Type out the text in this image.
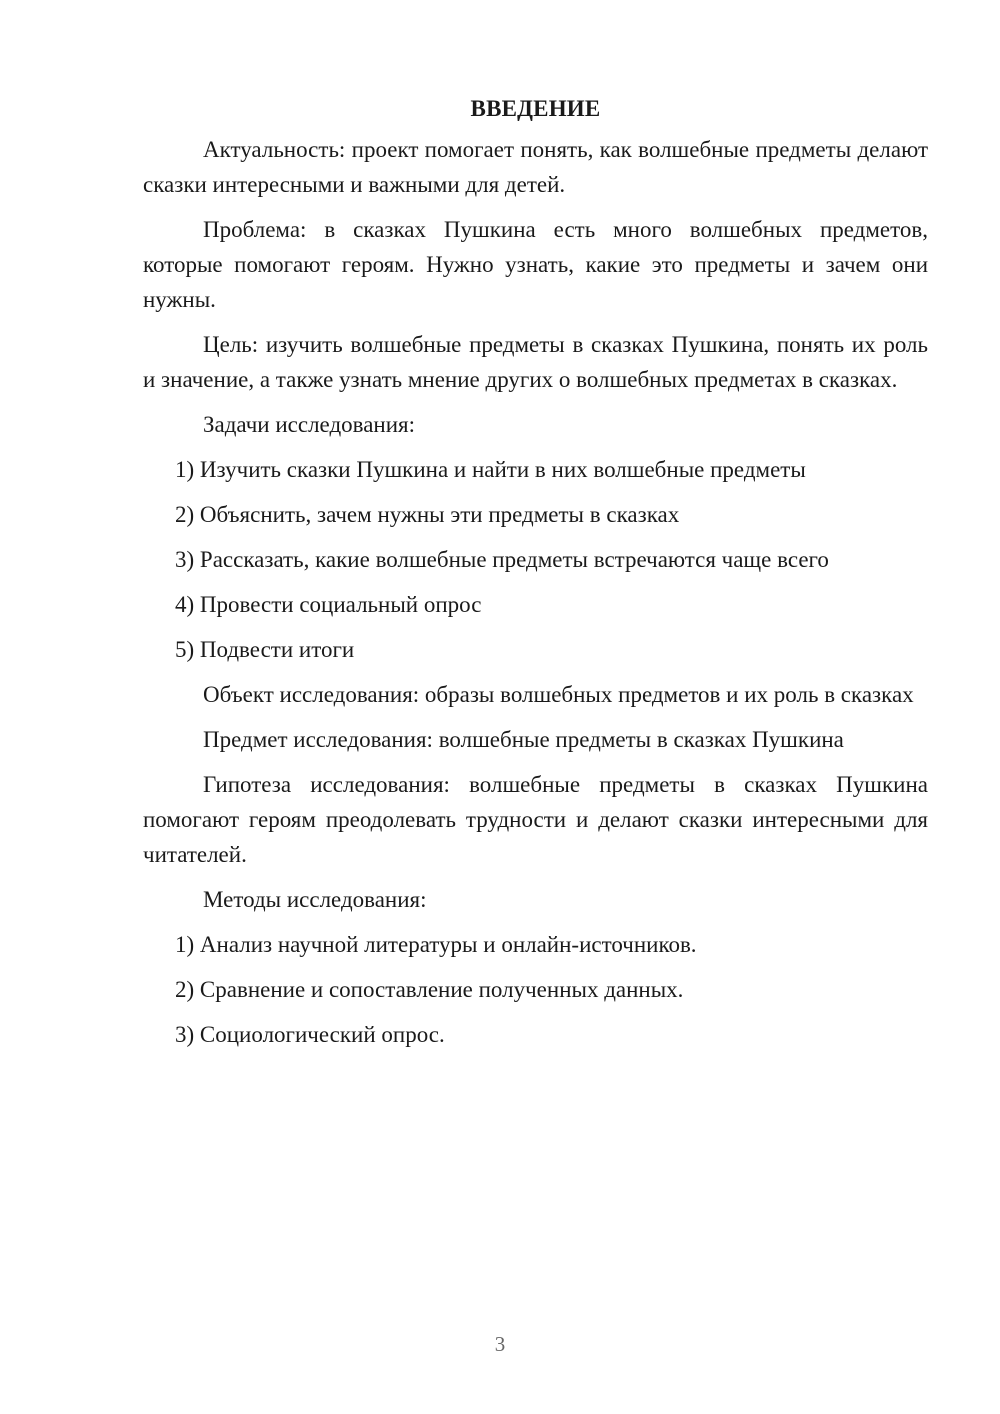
ВВЕДЕНИЕ

Актуальность: проект помогает понять, как волшебные предметы делают сказки интересными и важными для детей.

Проблема: в сказках Пушкина есть много волшебных предметов, которые помогают героям. Нужно узнать, какие это предметы и зачем они нужны.

Цель: изучить волшебные предметы в сказках Пушкина, понять их роль и значение, а также узнать мнение других о волшебных предметах в сказках.

Задачи исследования:

1) Изучить сказки Пушкина и найти в них волшебные предметы
2) Объяснить, зачем нужны эти предметы в сказках
3) Рассказать, какие волшебные предметы встречаются чаще всего
4) Провести социальный опрос
5) Подвести итоги

Объект исследования: образы волшебных предметов и их роль в сказках

Предмет исследования: волшебные предметы в сказках Пушкина

Гипотеза исследования: волшебные предметы в сказках Пушкина помогают героям преодолевать трудности и делают сказки интересными для читателей.

Методы исследования:

1) Анализ научной литературы и онлайн-источников.
2) Сравнение и сопоставление полученных данных.
3) Социологический опрос.
3
